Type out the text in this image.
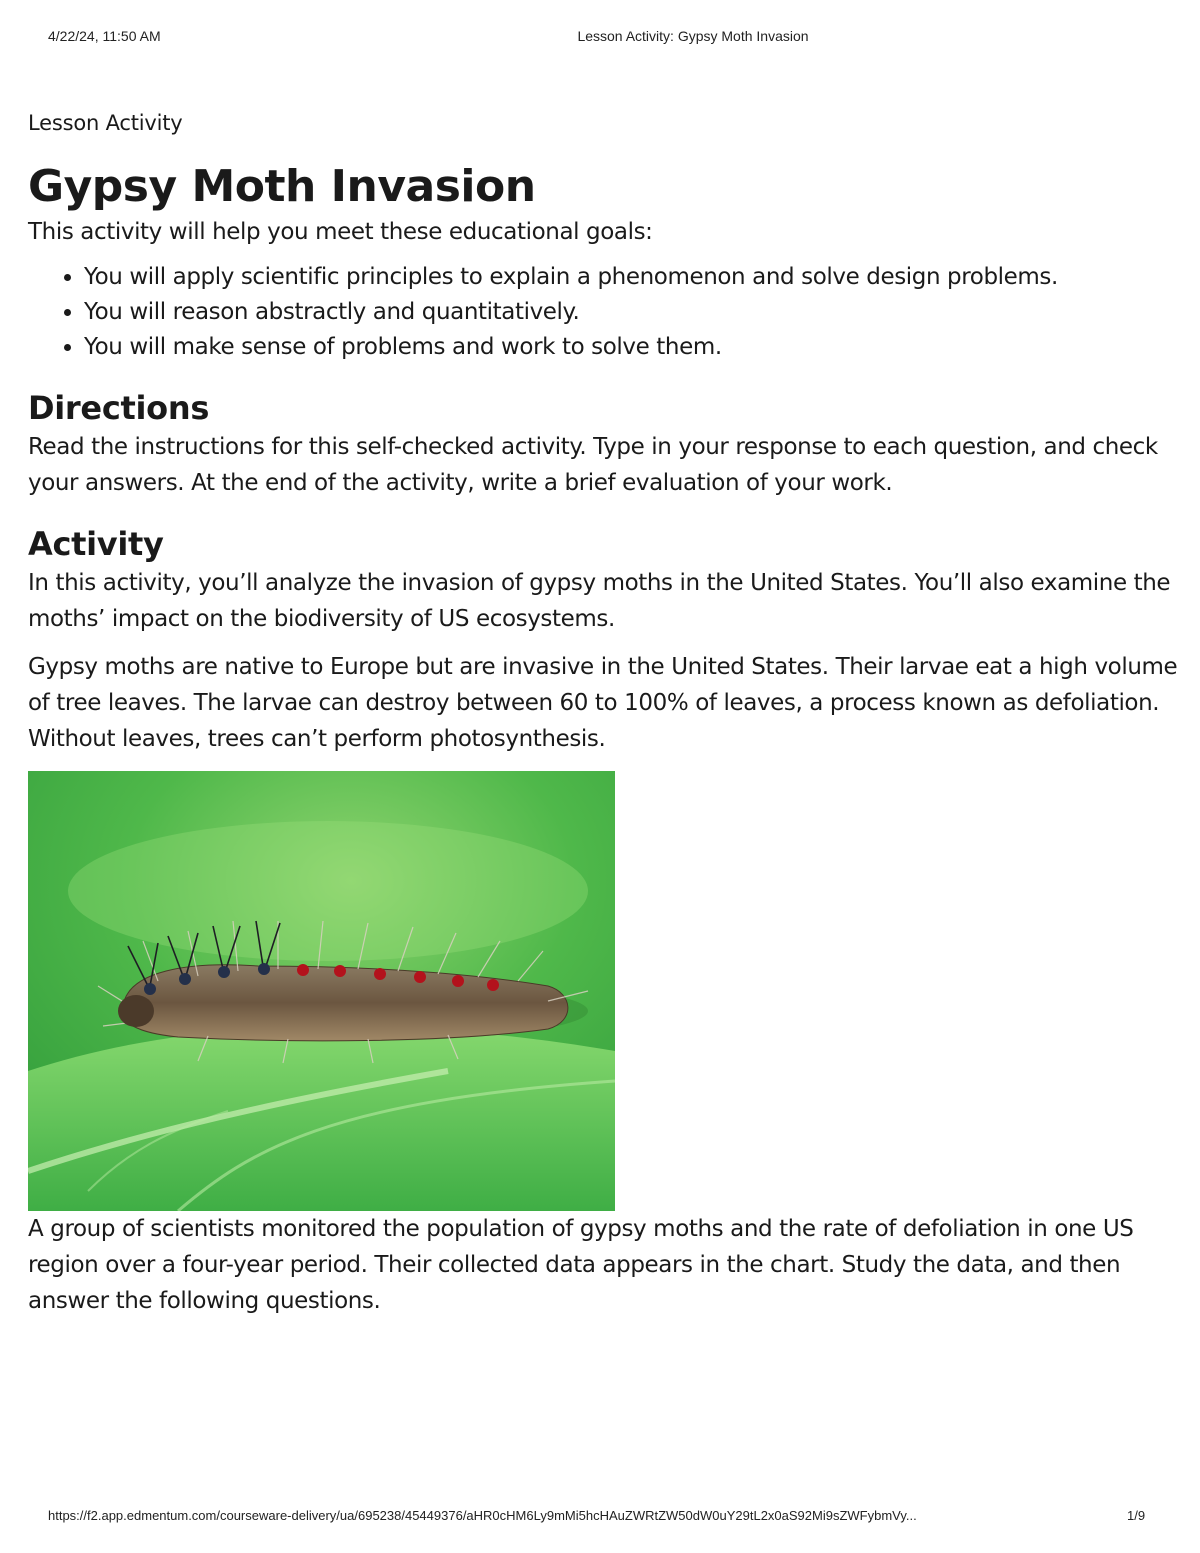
4/22/24, 11:50 AM	Lesson Activity: Gypsy Moth Invasion

Lesson Activity

Gypsy Moth Invasion

This activity will help you meet these educational goals:

• You will apply scientific principles to explain a phenomenon and solve design problems.
• You will reason abstractly and quantitatively.
• You will make sense of problems and work to solve them.
Directions

Read the instructions for this self-checked activity. Type in your response to each question, and check your answers. At the end of the activity, write a brief evaluation of your work.

Activity

In this activity, you’ll analyze the invasion of gypsy moths in the United States. You’ll also examine the moths’ impact on the biodiversity of US ecosystems.

Gypsy moths are native to Europe but are invasive in the United States. Their larvae eat a high volume of tree leaves. The larvae can destroy between 60 to 100% of leaves, a process known as defoliation. Without leaves, trees can’t perform photosynthesis.

A group of scientists monitored the population of gypsy moths and the rate of defoliation in one US region over a four-year period. Their collected data appears in the chart. Study the data, and then answer the following questions.

https://f2.app.edmentum.com/courseware-delivery/ua/695238/45449376/aHR0cHM6Ly9mMi5hcHAuZWRtZW50dW0uY29tL2x0aS92Mi9sZWFybmVy...	1/9
